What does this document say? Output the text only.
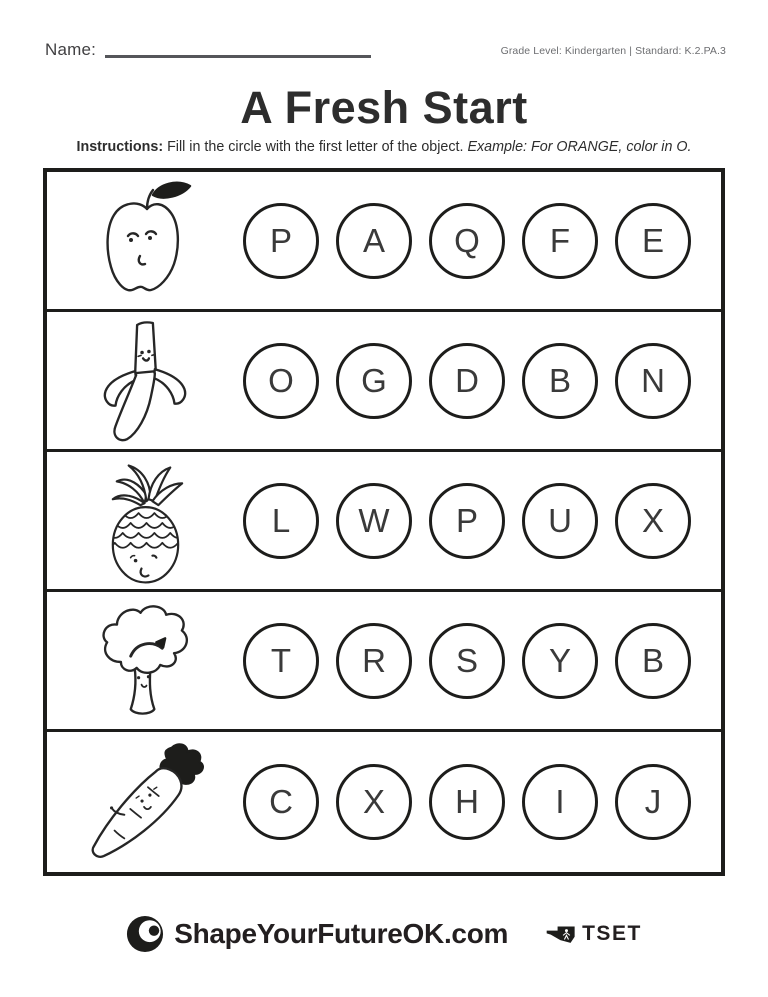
Name:	Grade Level: Kindergarten | Standard: K.2.PA.3
A Fresh Start

Instructions: Fill in the circle with the first letter of the object. Example: For ORANGE, color in O.

P	A	Q	F	E
O	G	D	B	N
L	W	P	U	X
T	R	S	Y	B
C	X	H	I	J
ShapeYourFutureOK.com	TSET
